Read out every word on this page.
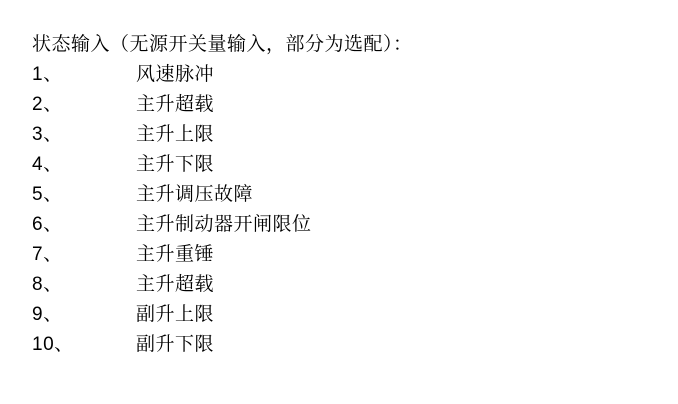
状态输入（无源开关量输入，部分为选配）：
1、	风速脉冲
2、	主升超载
3、	主升上限
4、	主升下限
5、	主升调压故障
6、	主升制动器开闸限位
7、	主升重锤
8、	主升超载
9、	副升上限
10、	副升下限
